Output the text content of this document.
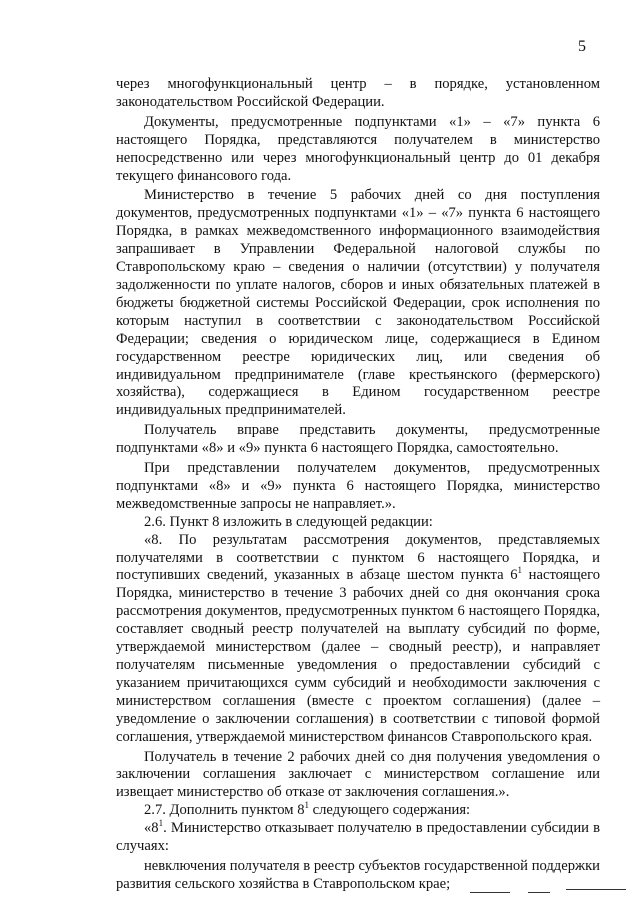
5

через многофункциональный центр – в порядке, установленном законодательством Российской Федерации.

Документы, предусмотренные подпунктами «1» – «7» пункта 6 настоящего Порядка, представляются получателем в министерство непосредственно или через многофункциональный центр до 01 декабря текущего финансового года.

Министерство в течение 5 рабочих дней со дня поступления документов, предусмотренных подпунктами «1» – «7» пункта 6 настоящего Порядка, в рамках межведомственного информационного взаимодействия запрашивает в Управлении Федеральной налоговой службы по Ставропольскому краю – сведения о наличии (отсутствии) у получателя задолженности по уплате налогов, сборов и иных обязательных платежей в бюджеты бюджетной системы Российской Федерации, срок исполнения по которым наступил в соответствии с законодательством Российской Федерации; сведения о юридическом лице, содержащиеся в Едином государственном реестре юридических лиц, или сведения об индивидуальном предпринимателе (главе крестьянского (фермерского) хозяйства), содержащиеся в Едином государственном реестре индивидуальных предпринимателей.

Получатель вправе представить документы, предусмотренные подпунктами «8» и «9» пункта 6 настоящего Порядка, самостоятельно.

При представлении получателем документов, предусмотренных подпунктами «8» и «9» пункта 6 настоящего Порядка, министерство межведомственные запросы не направляет.».

2.6. Пункт 8 изложить в следующей редакции:

«8. По результатам рассмотрения документов, представляемых получателями в соответствии с пунктом 6 настоящего Порядка, и поступивших сведений, указанных в абзаце шестом пункта $6^1$ настоящего Порядка, министерство в течение 3 рабочих дней со дня окончания срока рассмотрения документов, предусмотренных пунктом 6 настоящего Порядка, составляет сводный реестр получателей на выплату субсидий по форме, утверждаемой министерством (далее – сводный реестр), и направляет получателям письменные уведомления о предоставлении субсидий с указанием причитающихся сумм субсидий и необходимости заключения с министерством соглашения (вместе с проектом соглашения) (далее – уведомление о заключении соглашения) в соответствии с типовой формой соглашения, утверждаемой министерством финансов Ставропольского края.

Получатель в течение 2 рабочих дней со дня получения уведомления о заключении соглашения заключает с министерством соглашение или извещает министерство об отказе от заключения соглашения.».

2.7. Дополнить пунктом $8^1$ следующего содержания:

«$8^1$. Министерство отказывает получателю в предоставлении субсидии в случаях:

невключения получателя в реестр субъектов государственной поддержки развития сельского хозяйства в Ставропольском крае;
